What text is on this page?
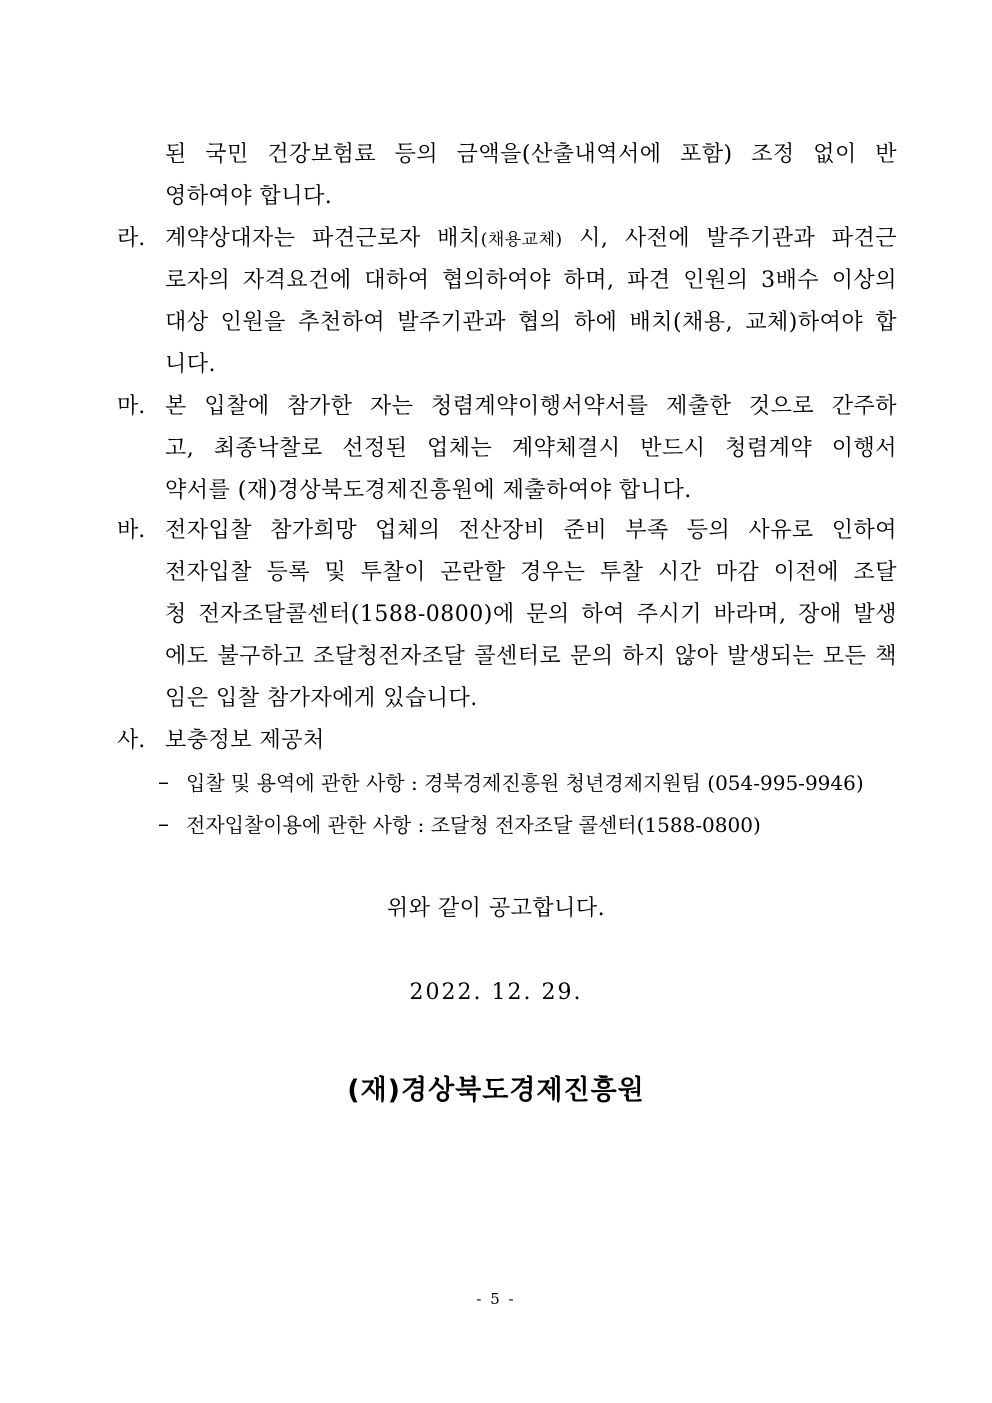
된 국민 건강보험료 등의 금액을(산출내역서에 포함) 조정 없이 반
영하여야 합니다.
라. 계약상대자는 파견근로자 배치(채용교체) 시, 사전에 발주기관과 파견근
로자의 자격요건에 대하여 협의하여야 하며, 파견 인원의 3배수 이상의
대상 인원을 추천하여 발주기관과 협의 하에 배치(채용, 교체)하여야 합
니다.
마. 본 입찰에 참가한 자는 청렴계약이행서약서를 제출한 것으로 간주하
고, 최종낙찰로 선정된 업체는 계약체결시 반드시 청렴계약 이행서
약서를 (재)경상북도경제진흥원에 제출하여야 합니다.
바. 전자입찰 참가희망 업체의 전산장비 준비 부족 등의 사유로 인하여
전자입찰 등록 및 투찰이 곤란할 경우는 투찰 시간 마감 이전에 조달
청 전자조달콜센터(1588-0800)에 문의 하여 주시기 바라며, 장애 발생
에도 불구하고 조달청전자조달 콜센터로 문의 하지 않아 발생되는 모든 책
임은 입찰 참가자에게 있습니다.
사. 보충정보 제공처
– 입찰 및 용역에 관한 사항 : 경북경제진흥원 청년경제지원팀 (054-995-9946)
– 전자입찰이용에 관한 사항 : 조달청 전자조달 콜센터(1588-0800)
위와 같이 공고합니다.
2022. 12. 29.
(재)경상북도경제진흥원
- 5 -
